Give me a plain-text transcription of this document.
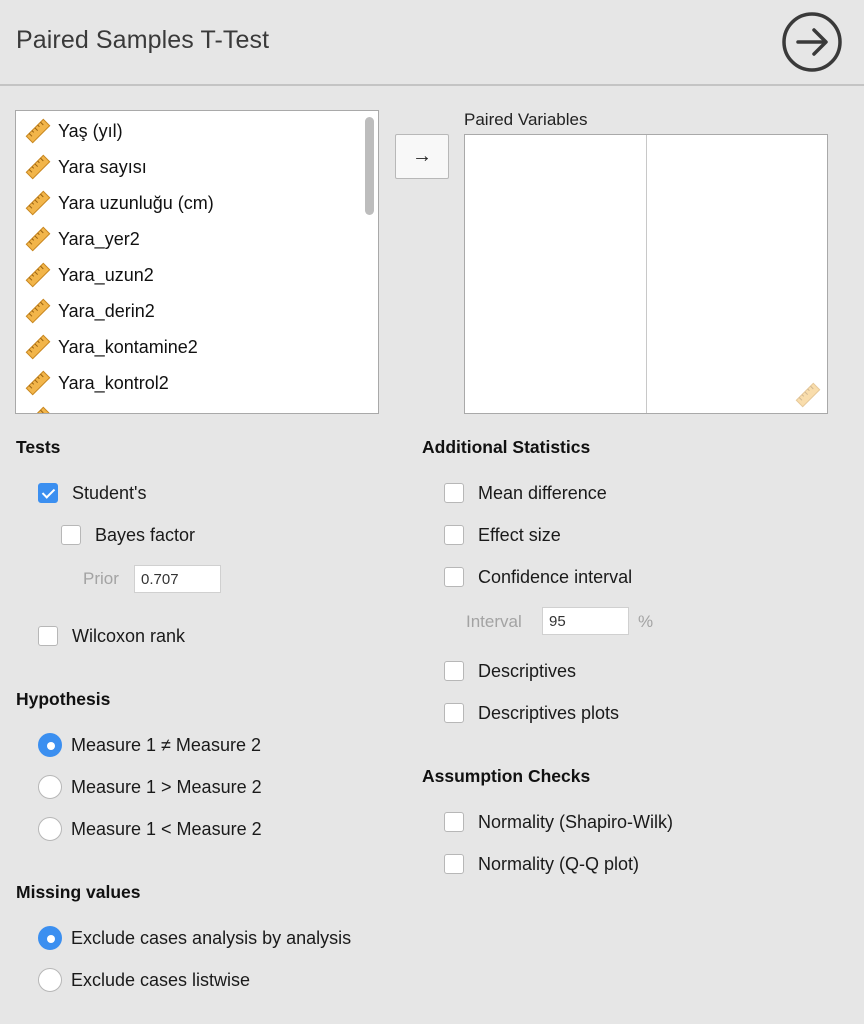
Paired Samples T-Test
Yaş (yıl)
Yara sayısı
Yara uzunluğu (cm)
Yara_yer2
Yara_uzun2
Yara_derin2
Yara_kontamine2
Yara_kontrol2
→
Paired Variables
Tests
Student's
Bayes factor
Prior
0.707
Wilcoxon rank
Additional Statistics
Mean difference
Effect size
Confidence interval
Interval
95	%
Descriptives
Descriptives plots
Hypothesis
Measure 1 ≠ Measure 2
Measure 1 > Measure 2
Measure 1 < Measure 2
Assumption Checks
Normality (Shapiro-Wilk)
Normality (Q-Q plot)
Missing values
Exclude cases analysis by analysis
Exclude cases listwise
